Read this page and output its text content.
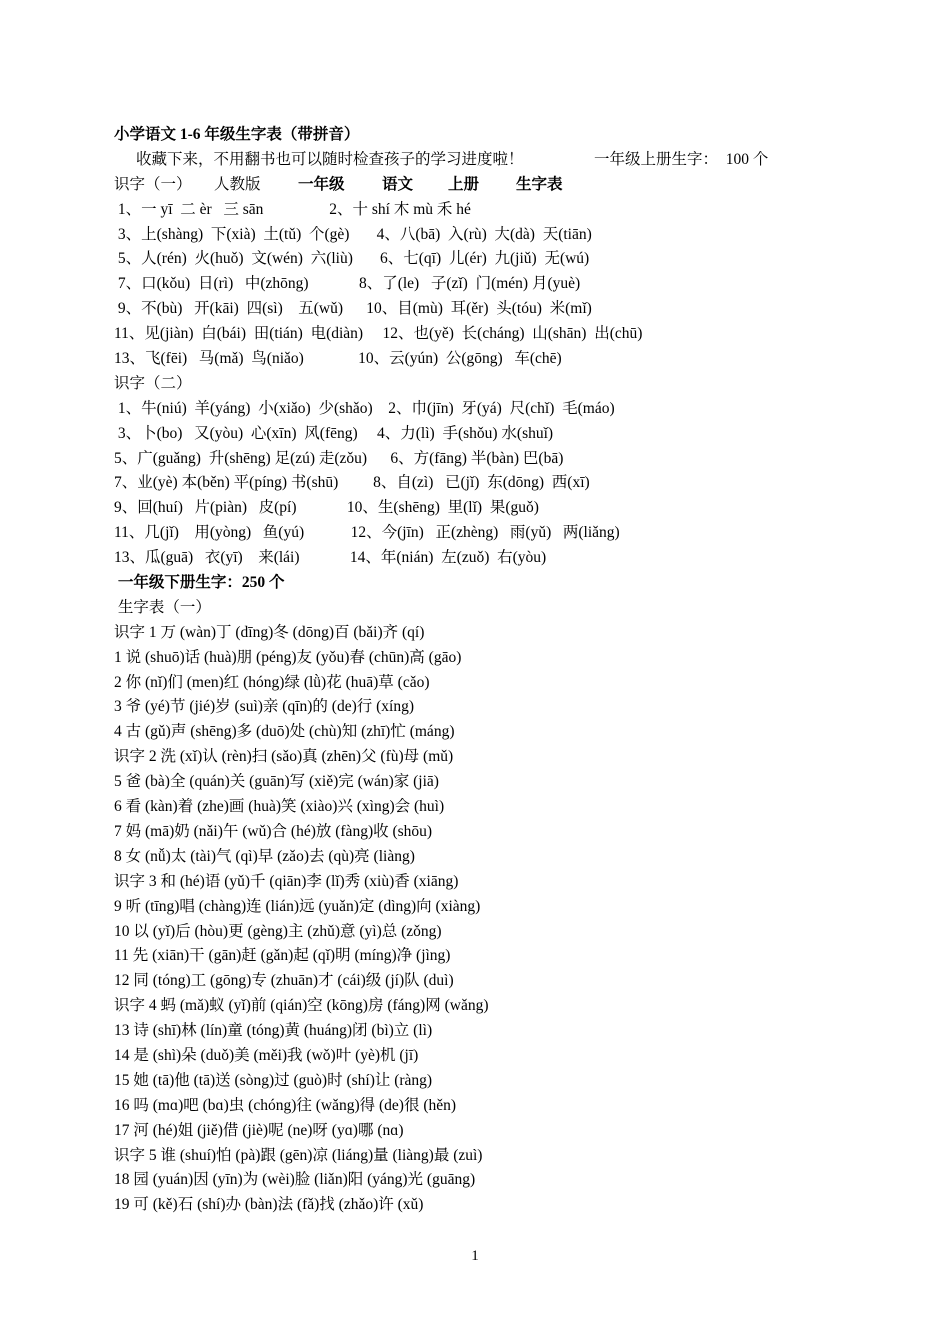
小学语文 1-6 年级生字表（带拼音）
收藏下来，不用翻书也可以随时检查孩子的学习进度啦！	一年级上册生字：　100 个
识字（一） 人教版 一年级 语文 上册 生字表
1、一 yī  二 èr   三 sān                 2、十 shí 木 mù 禾 hé
3、上(shàng)  下(xià)  土(tǔ)  个(gè)       4、八(bā)  入(rù)  大(dà)  天(tiān)
5、人(rén)  火(huǒ)  文(wén)  六(liù)       6、七(qī)  儿(ér)  九(jiǔ)  无(wú)
7、口(kǒu)  日(rì)   中(zhōng)             8、了(le)   子(zǐ)  门(mén) 月(yuè)
9、不(bù)   开(kāi)  四(sì)    五(wǔ)      10、目(mù)  耳(ěr)  头(tóu)  米(mǐ)
11、见(jiàn)  白(bái)  田(tián)  电(diàn)     12、也(yě)  长(cháng)  山(shān)  出(chū)
13、飞(fēi)   马(mǎ)  鸟(niǎo)              10、云(yún)  公(gōng)   车(chē)
识字（二）
1、牛(niú)  羊(yáng)  小(xiǎo)  少(shǎo)    2、巾(jīn)  牙(yá)  尺(chǐ)  毛(máo)
3、卜(bo)   又(yòu)  心(xīn)  风(fēng)     4、力(lì)  手(shǒu) 水(shuǐ)
5、广(guǎng)  升(shēng) 足(zú) 走(zǒu)      6、方(fāng) 半(bàn) 巴(bā)
7、业(yè) 本(běn) 平(píng) 书(shū)         8、自(zì)   已(jǐ)  东(dōng)  西(xī)
9、回(huí)   片(piàn)   皮(pí)             10、生(shēng)  里(lǐ)  果(guǒ)
11、几(jǐ)    用(yòng)   鱼(yú)            12、今(jīn)   正(zhèng)   雨(yǔ)   两(liǎng)
13、瓜(guā)   衣(yī)    来(lái)             14、年(nián)  左(zuǒ)  右(yòu)
一年级下册生字：250 个
生字表（一）
识字 1 万 (wàn)丁 (dīng)冬 (dōng)百 (bǎi)齐 (qí)
1 说 (shuō)话 (huà)朋 (péng)友 (yǒu)春 (chūn)高 (gāo)
2 你 (nǐ)们 (men)红 (hóng)绿 (lǜ)花 (huā)草 (cǎo)
3 爷 (yé)节 (jié)岁 (suì)亲 (qīn)的 (de)行 (xíng)
4 古 (gǔ)声 (shēng)多 (duō)处 (chù)知 (zhī)忙 (máng)
识字 2 洗 (xǐ)认 (rèn)扫 (sǎo)真 (zhēn)父 (fù)母 (mǔ)
5 爸 (bà)全 (quán)关 (guān)写 (xiě)完 (wán)家 (jiā)
6 看 (kàn)着 (zhe)画 (huà)笑 (xiào)兴 (xìng)会 (huì)
7 妈 (mā)奶 (nǎi)午 (wǔ)合 (hé)放 (fàng)收 (shōu)
8 女 (nǚ)太 (tài)气 (qì)早 (zǎo)去 (qù)亮 (liàng)
识字 3 和 (hé)语 (yǔ)千 (qiān)李 (lǐ)秀 (xiù)香 (xiāng)
9 听 (tīng)唱 (chàng)连 (lián)远 (yuǎn)定 (dìng)向 (xiàng)
10 以 (yǐ)后 (hòu)更 (gèng)主 (zhǔ)意 (yì)总 (zǒng)
11 先 (xiān)干 (gān)赶 (gǎn)起 (qǐ)明 (míng)净 (jìng)
12 同 (tóng)工 (gōng)专 (zhuān)才 (cái)级 (jí)队 (duì)
识字 4 蚂 (mǎ)蚁 (yǐ)前 (qián)空 (kōng)房 (fáng)网 (wǎng)
13 诗 (shī)林 (lín)童 (tóng)黄 (huáng)闭 (bì)立 (lì)
14 是 (shì)朵 (duǒ)美 (měi)我 (wǒ)叶 (yè)机 (jī)
15 她 (tā)他 (tā)送 (sòng)过 (guò)时 (shí)让 (ràng)
16 吗 (mɑ)吧 (bɑ)虫 (chóng)往 (wǎng)得 (de)很 (hěn)
17 河 (hé)姐 (jiě)借 (jiè)呢 (ne)呀 (yɑ)哪 (nɑ)
识字 5 谁 (shuí)怕 (pà)跟 (gēn)凉 (liáng)量 (liàng)最 (zuì)
18 园 (yuán)因 (yīn)为 (wèi)脸 (liǎn)阳 (yáng)光 (guāng)
19 可 (kě)石 (shí)办 (bàn)法 (fǎ)找 (zhǎo)许 (xǔ)
1
